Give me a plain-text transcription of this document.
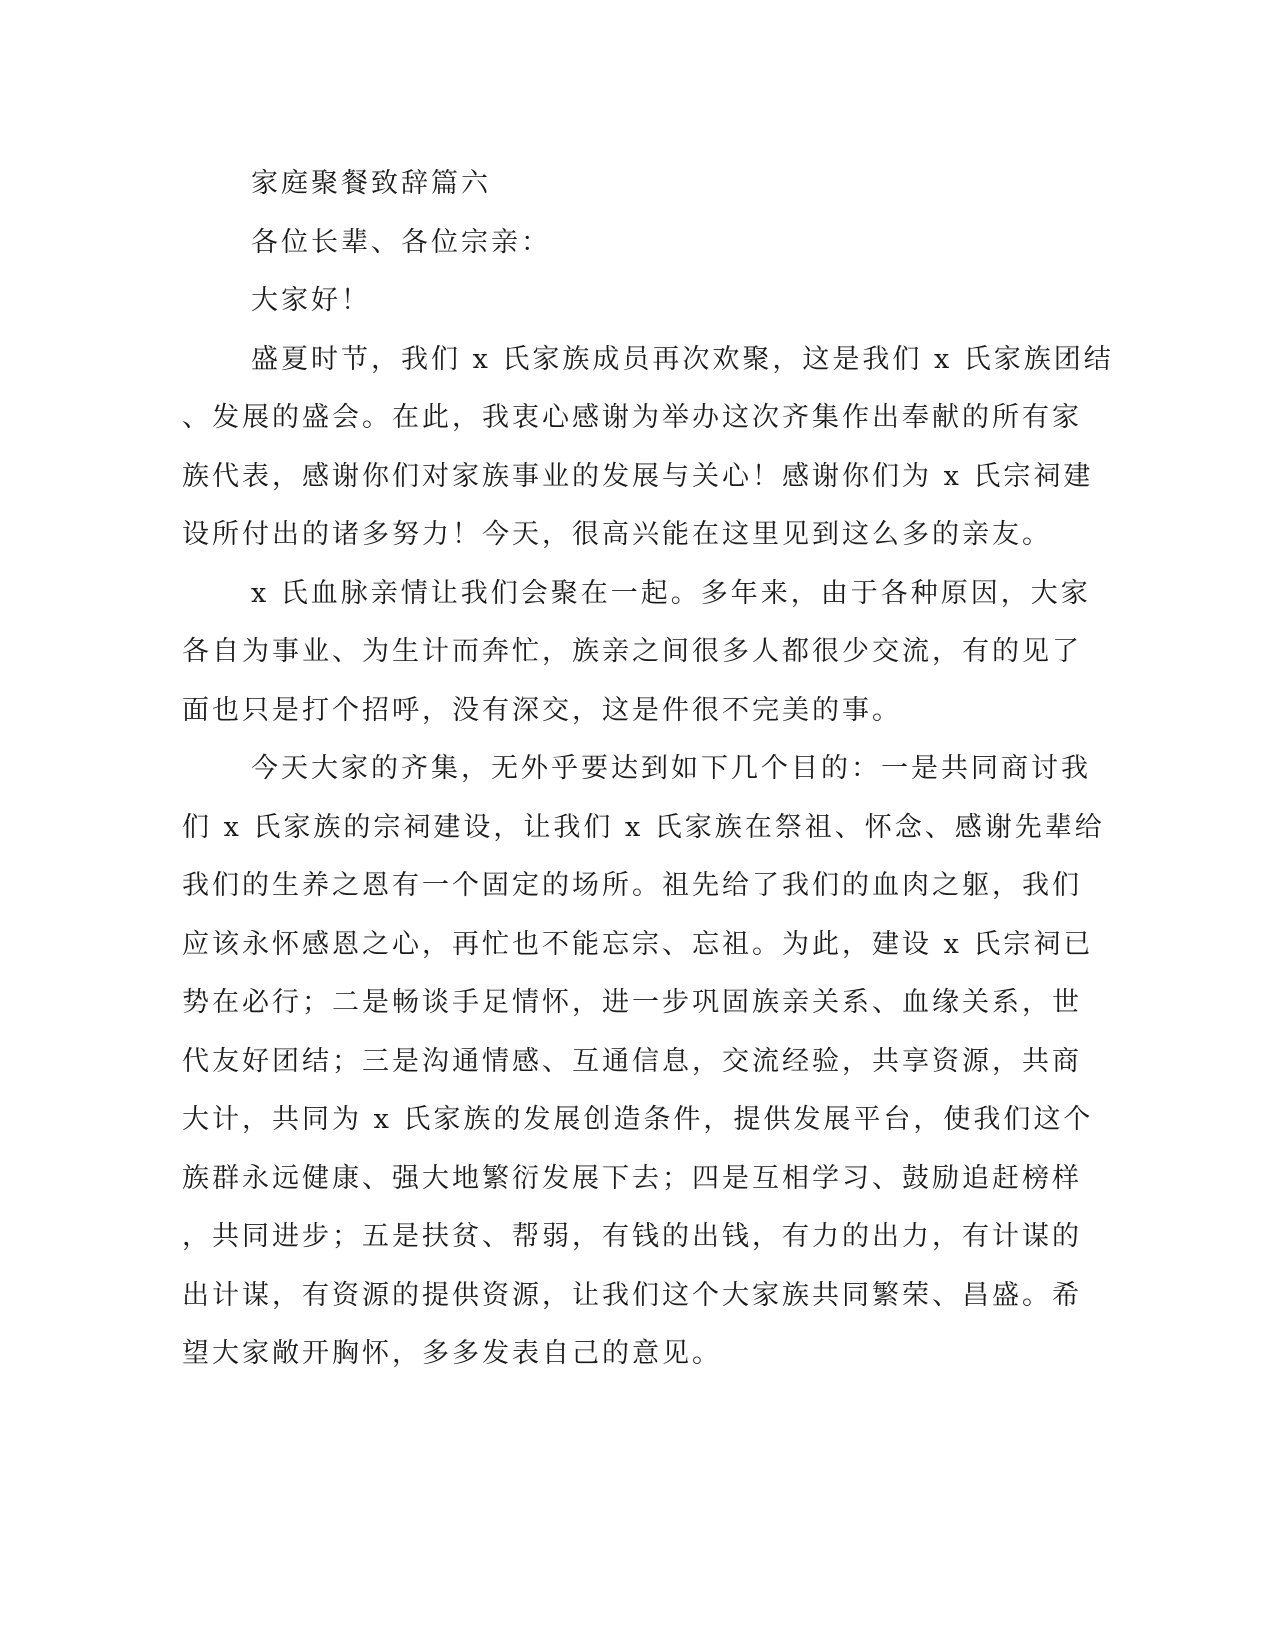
家庭聚餐致辞篇六
各位长辈、各位宗亲：
大家好！
盛夏时节，我们 x 氏家族成员再次欢聚，这是我们 x 氏家族团结
、发展的盛会。在此，我衷心感谢为举办这次齐集作出奉献的所有家
族代表，感谢你们对家族事业的发展与关心！感谢你们为 x 氏宗祠建
设所付出的诸多努力！今天，很高兴能在这里见到这么多的亲友。
x 氏血脉亲情让我们会聚在一起。多年来，由于各种原因，大家
各自为事业、为生计而奔忙，族亲之间很多人都很少交流，有的见了
面也只是打个招呼，没有深交，这是件很不完美的事。
今天大家的齐集，无外乎要达到如下几个目的：一是共同商讨我
们 x 氏家族的宗祠建设，让我们 x 氏家族在祭祖、怀念、感谢先辈给
我们的生养之恩有一个固定的场所。祖先给了我们的血肉之躯，我们
应该永怀感恩之心，再忙也不能忘宗、忘祖。为此，建设 x 氏宗祠已
势在必行；二是畅谈手足情怀，进一步巩固族亲关系、血缘关系，世
代友好团结；三是沟通情感、互通信息，交流经验，共享资源，共商
大计，共同为 x 氏家族的发展创造条件，提供发展平台，使我们这个
族群永远健康、强大地繁衍发展下去；四是互相学习、鼓励追赶榜样
，共同进步；五是扶贫、帮弱，有钱的出钱，有力的出力，有计谋的
出计谋，有资源的提供资源，让我们这个大家族共同繁荣、昌盛。希
望大家敞开胸怀，多多发表自己的意见。
